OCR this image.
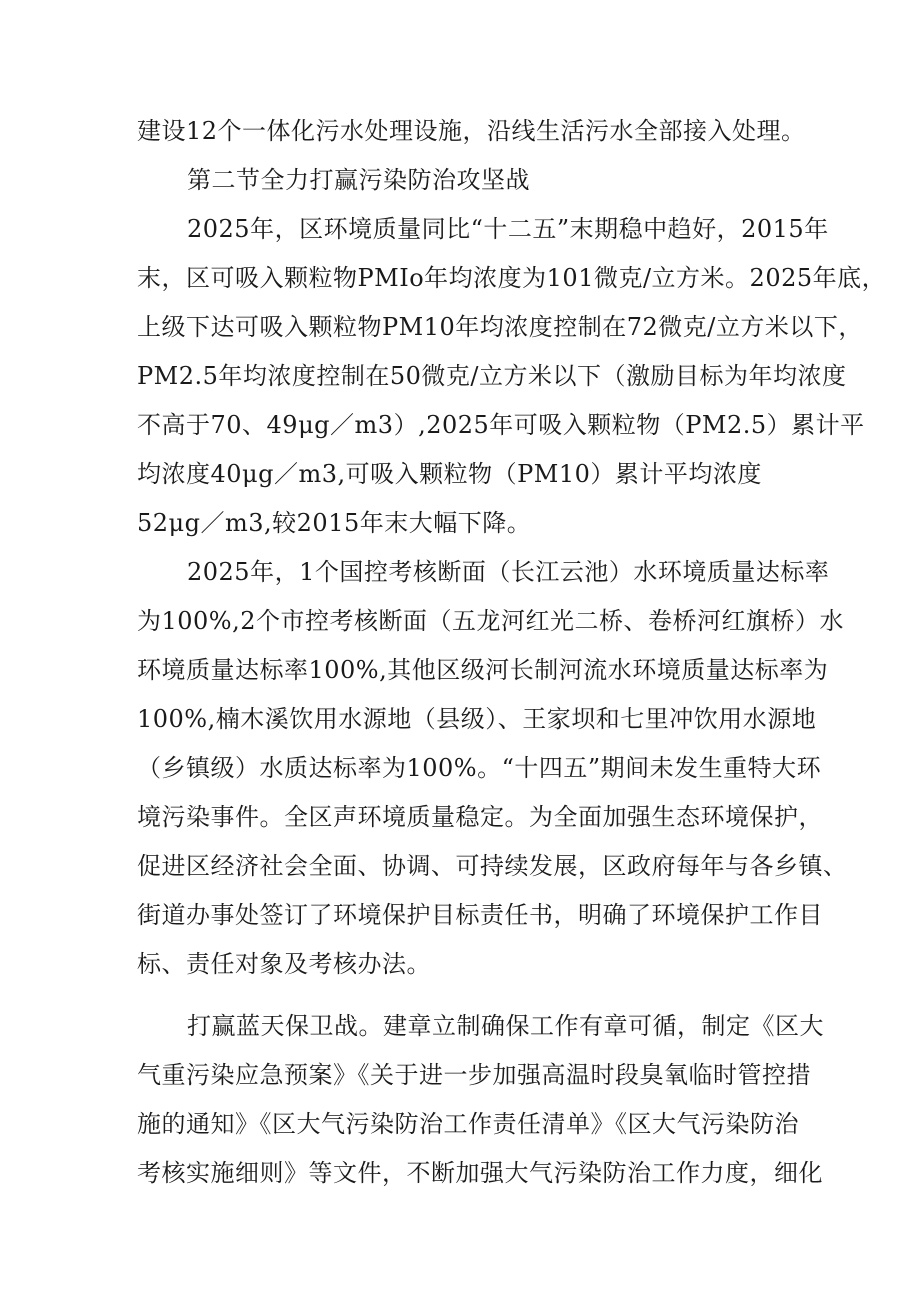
建设12个一体化污水处理设施，沿线生活污水全部接入处理。
第二节全力打赢污染防治攻坚战
2025年，区环境质量同比“十二五”末期稳中趋好，2015年
末，区可吸入颗粒物PMIo年均浓度为101微克/立方米。2025年底，
上级下达可吸入颗粒物PM10年均浓度控制在72微克/立方米以下，
PM2.5年均浓度控制在50微克/立方米以下（激励目标为年均浓度
不高于70、49μg／m3）,2025年可吸入颗粒物（PM2.5）累计平
均浓度40μg／m3,可吸入颗粒物（PM10）累计平均浓度
52μg／m3,较2015年末大幅下降。
2025年，1个国控考核断面（长江云池）水环境质量达标率
为100%,2个市控考核断面（五龙河红光二桥、卷桥河红旗桥）水
环境质量达标率100%,其他区级河长制河流水环境质量达标率为
100%,楠木溪饮用水源地（县级）、王家坝和七里冲饮用水源地
（乡镇级）水质达标率为100%。“十四五”期间未发生重特大环
境污染事件。全区声环境质量稳定。为全面加强生态环境保护，
促进区经济社会全面、协调、可持续发展，区政府每年与各乡镇、
街道办事处签订了环境保护目标责任书，明确了环境保护工作目
标、责任对象及考核办法。
打赢蓝天保卫战。建章立制确保工作有章可循，制定《区大
气重污染应急预案》《关于进一步加强高温时段臭氧临时管控措
施的通知》《区大气污染防治工作责任清单》《区大气污染防治
考核实施细则》等文件，不断加强大气污染防治工作力度，细化
